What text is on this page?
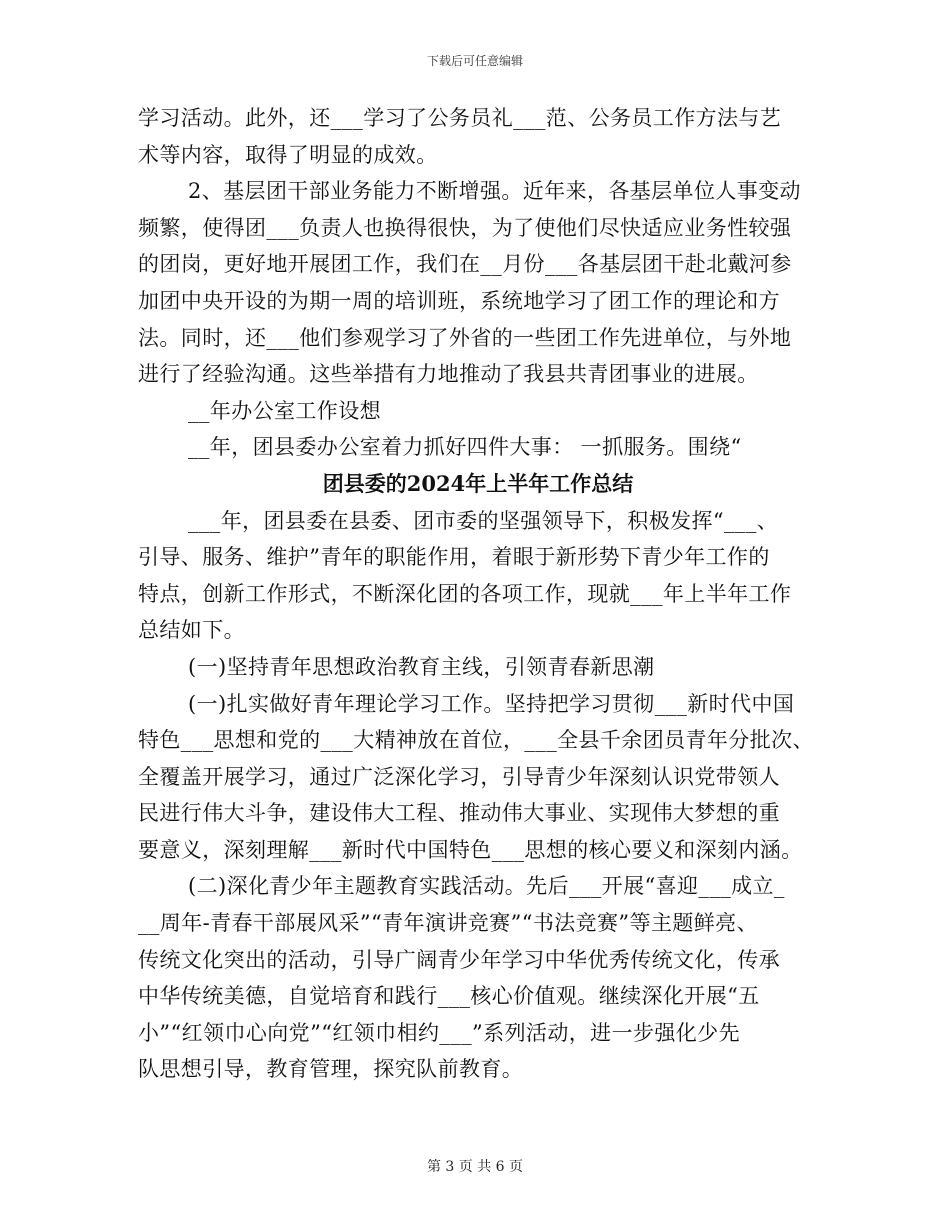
下载后可任意编辑
学习活动。此外，还___学习了公务员礼___范、公务员工作方法与艺
术等内容，取得了明显的成效。
2、基层团干部业务能力不断增强。近年来，各基层单位人事变动
频繁，使得团___负责人也换得很快，为了使他们尽快适应业务性较强
的团岗，更好地开展团工作，我们在__月份___各基层团干赴北戴河参
加团中央开设的为期一周的培训班，系统地学习了团工作的理论和方
法。同时，还___他们参观学习了外省的一些团工作先进单位，与外地
进行了经验沟通。这些举措有力地推动了我县共青团事业的进展。
__年办公室工作设想
__年，团县委办公室着力抓好四件大事： 一抓服务。围绕“
团县委的2024年上半年工作总结
___年，团县委在县委、团市委的坚强领导下，积极发挥“___、
引导、服务、维护”青年的职能作用，着眼于新形势下青少年工作的
特点，创新工作形式，不断深化团的各项工作，现就___年上半年工作
总结如下。
(一)坚持青年思想政治教育主线，引领青春新思潮
(一)扎实做好青年理论学习工作。坚持把学习贯彻___新时代中国
特色___思想和党的___大精神放在首位，___全县千余团员青年分批次、
全覆盖开展学习，通过广泛深化学习，引导青少年深刻认识党带领人
民进行伟大斗争，建设伟大工程、推动伟大事业、实现伟大梦想的重
要意义，深刻理解___新时代中国特色___思想的核心要义和深刻内涵。
(二)深化青少年主题教育实践活动。先后___开展“喜迎___成立_
__周年-青春干部展风采”“青年演讲竞赛”“书法竞赛”等主题鲜亮、
传统文化突出的活动，引导广阔青少年学习中华优秀传统文化，传承
中华传统美德，自觉培育和践行___核心价值观。继续深化开展“五
小”“红领巾心向党”“红领巾相约___”系列活动，进一步强化少先
队思想引导，教育管理，探究队前教育。
第 3 页 共 6 页
